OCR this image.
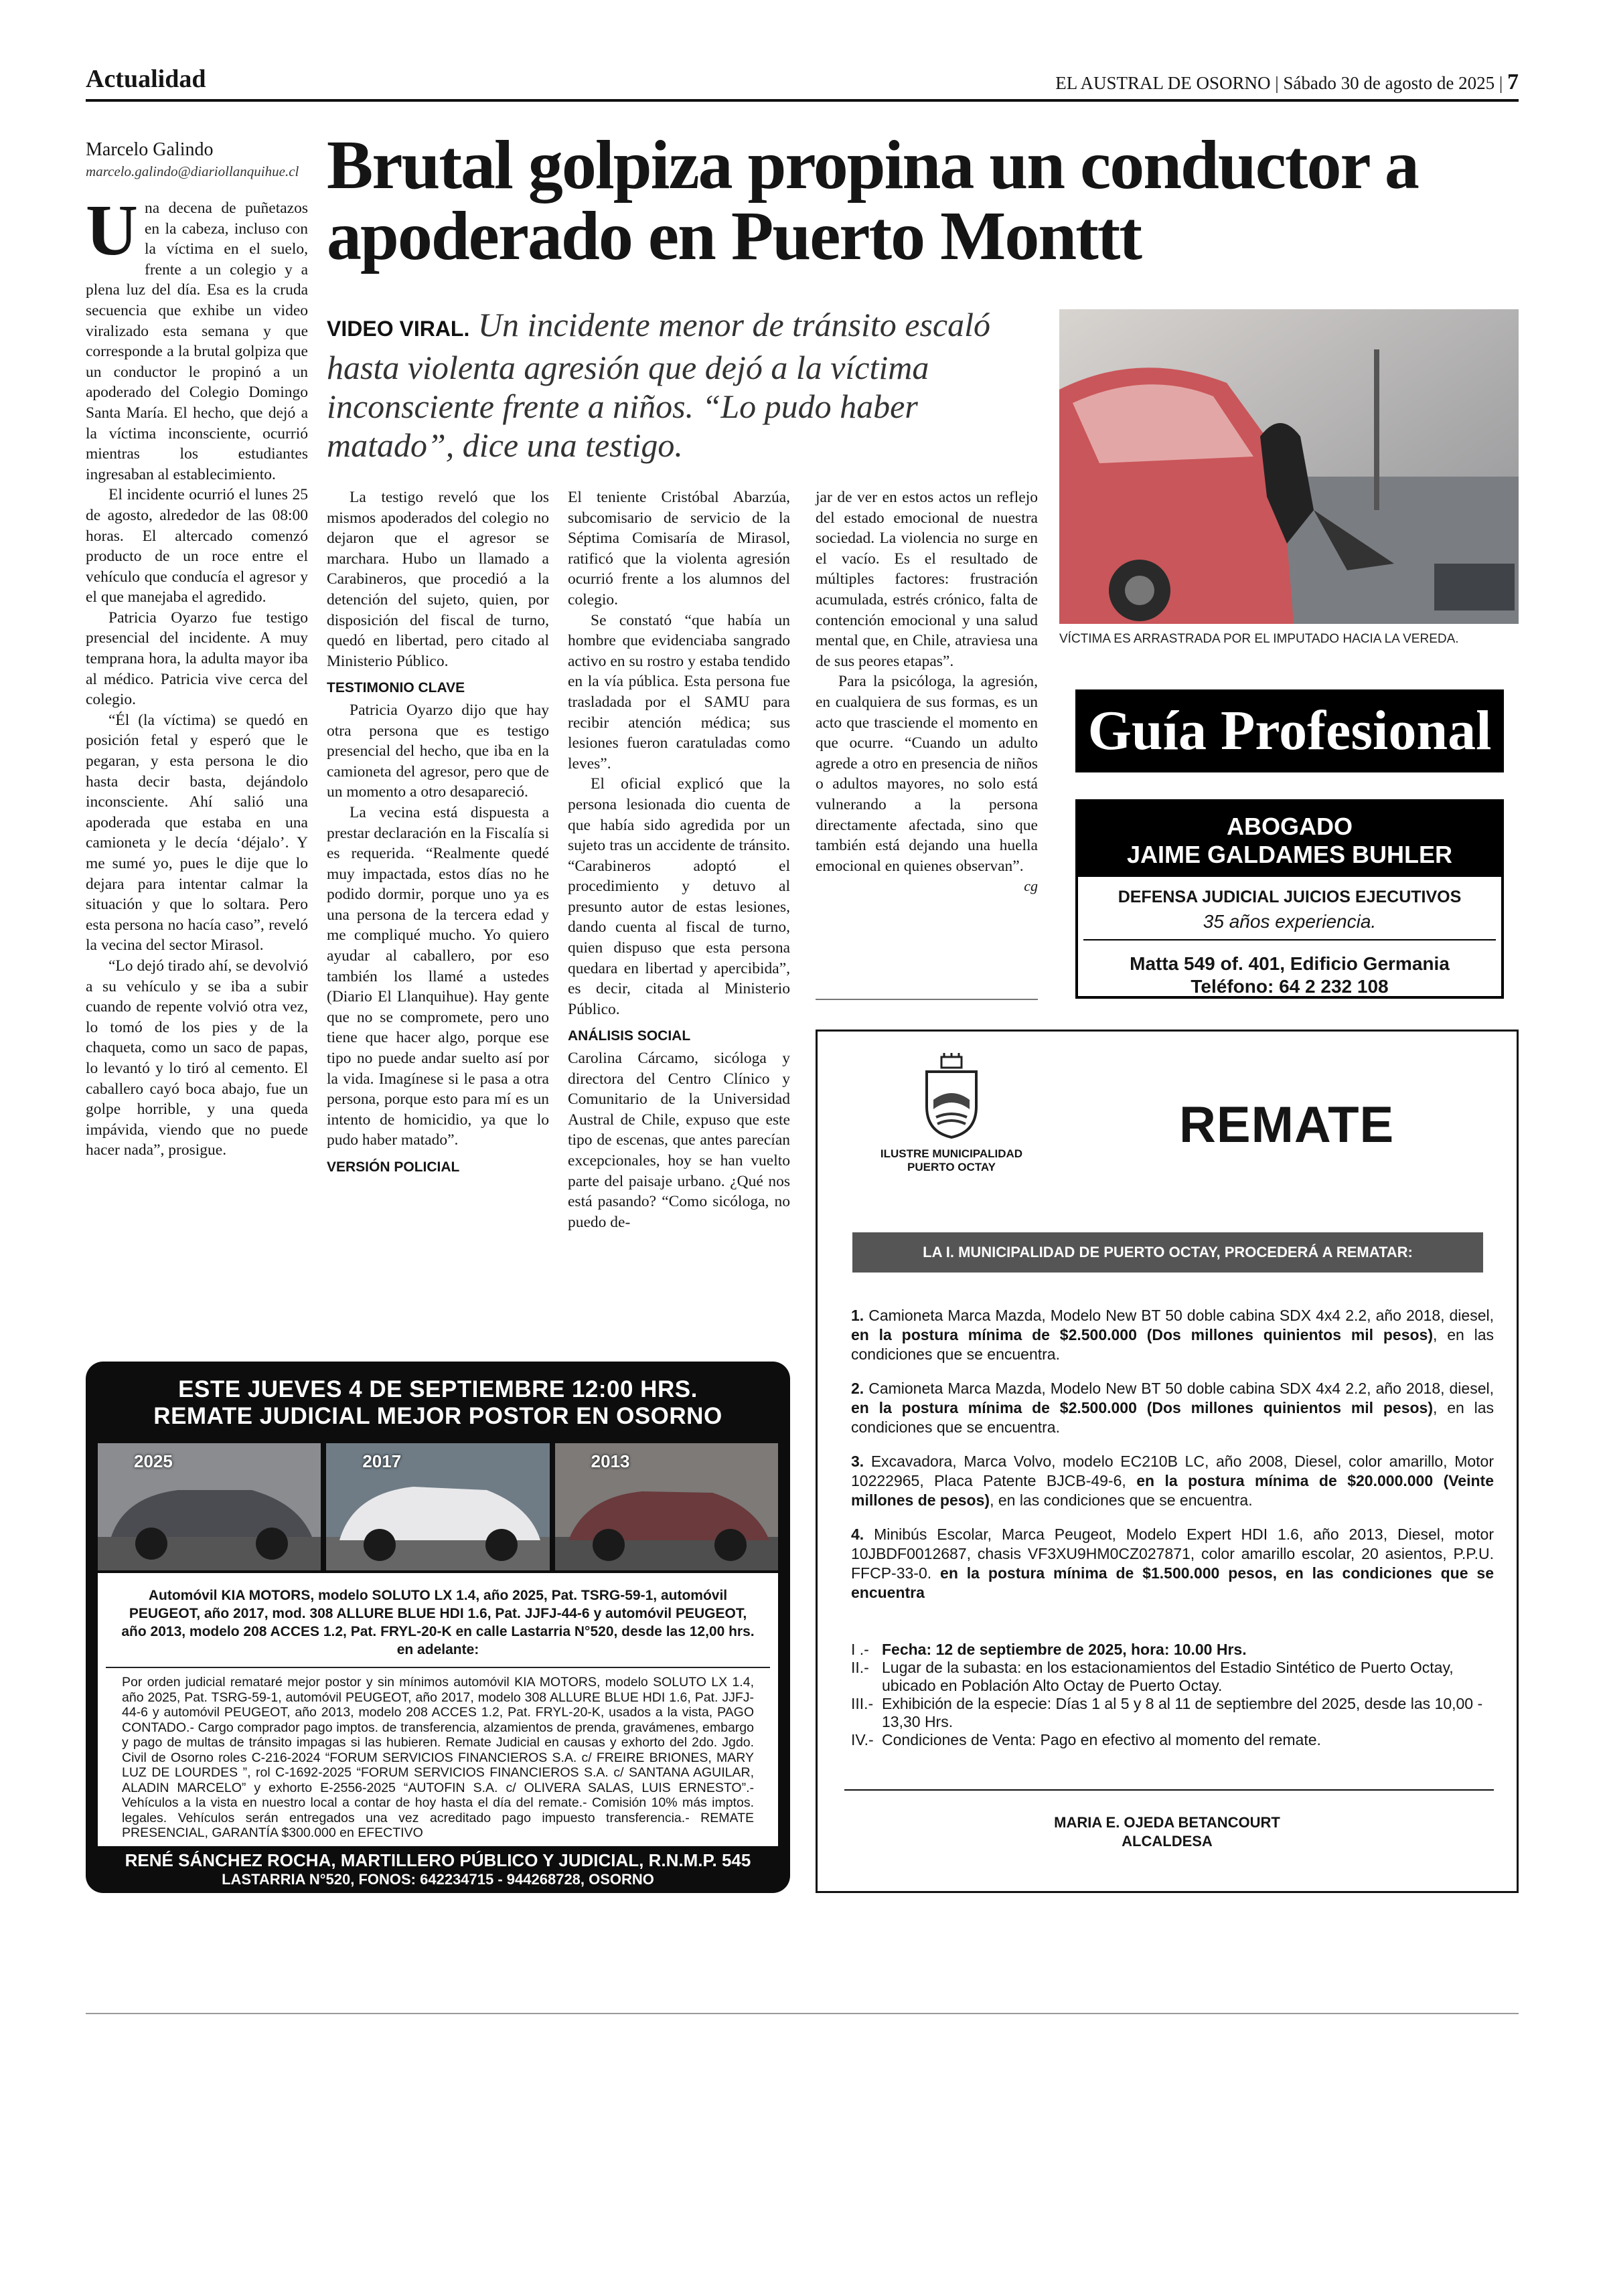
Actualidad	EL AUSTRAL DE OSORNO | Sábado 30 de agosto de 2025 | 7
Marcelo Galindo
marcelo.galindo@diariollanquihue.cl Brutal golpiza propina un conductor a apoderado en Puerto Monttt
VIDEO VIRAL. Un incidente menor de tránsito escaló hasta violenta agresión que dejó a la víctima inconsciente frente a niños. “Lo pudo haber matado”, dice una testigo.
VÍCTIMA ES ARRASTRADA POR EL IMPUTADO HACIA LA VEREDA.
U na decena de puñetazos en la cabeza, incluso con la víctima en el suelo, frente a un colegio y a plena luz del día. Esa es la cruda secuencia que exhibe un video viralizado esta semana y que corresponde a la brutal golpiza que un conductor le propinó a un apoderado del Colegio Domingo Santa María. El hecho, que dejó a la víctima inconsciente, ocurrió mientras los estudiantes ingresaban al establecimiento.

El incidente ocurrió el lunes 25 de agosto, alrededor de las 08:00 horas. El altercado comenzó producto de un roce entre el vehículo que conducía el agresor y el que manejaba el agredido.

Patricia Oyarzo fue testigo presencial del incidente. A muy temprana hora, la adulta mayor iba al médico. Patricia vive cerca del colegio.

“Él (la víctima) se quedó en posición fetal y esperó que le pegaran, y esta persona le dio hasta decir basta, dejándolo inconsciente. Ahí salió una apoderada que estaba en una camioneta y le decía ‘déjalo’. Y me sumé yo, pues le dije que lo dejara para intentar calmar la situación y que lo soltara. Pero esta persona no hacía caso”, reveló la vecina del sector Mirasol.

“Lo dejó tirado ahí, se devolvió a su vehículo y se iba a subir cuando de repente volvió otra vez, lo tomó de los pies y de la chaqueta, como un saco de papas, lo levantó y lo tiró al cemento. El caballero cayó boca abajo, fue un golpe horrible, y una queda impávida, viendo que no puede hacer nada”, prosigue.

La testigo reveló que los mismos apoderados del colegio no dejaron que el agresor se marchara. Hubo un llamado a Carabineros, que procedió a la detención del sujeto, quien, por disposición del fiscal de turno, quedó en libertad, pero citado al Ministerio Público.

TESTIMONIO CLAVE

Patricia Oyarzo dijo que hay otra persona que es testigo presencial del hecho, que iba en la camioneta del agresor, pero que de un momento a otro desapareció.

La vecina está dispuesta a prestar declaración en la Fiscalía si es requerida. “Realmente quedé muy impactada, estos días no he podido dormir, porque uno ya es una persona de la tercera edad y me compliqué mucho. Yo quiero ayudar al caballero, por eso también los llamé a ustedes (Diario El Llanquihue). Hay gente que no se compromete, pero uno tiene que hacer algo, porque ese tipo no puede andar suelto así por la vida. Imagínese si le pasa a otra persona, porque esto para mí es un intento de homicidio, ya que lo pudo haber matado”.

VERSIÓN POLICIAL

El teniente Cristóbal Abarzúa, subcomisario de servicio de la Séptima Comisaría de Mirasol, ratificó que la violenta agresión ocurrió frente a los alumnos del colegio.

Se constató “que había un hombre que evidenciaba sangrado activo en su rostro y estaba tendido en la vía pública. Esta persona fue trasladada por el SAMU para recibir atención médica; sus lesiones fueron caratuladas como leves”.

El oficial explicó que la persona lesionada dio cuenta de que había sido agredida por un sujeto tras un accidente de tránsito. “Carabineros adoptó el procedimiento y detuvo al presunto autor de estas lesiones, dando cuenta al fiscal de turno, quien dispuso que esta persona quedara en libertad y apercibida”, es decir, citada al Ministerio Público.

ANÁLISIS SOCIAL

Carolina Cárcamo, sicóloga y directora del Centro Clínico y Comunitario de la Universidad Austral de Chile, expuso que este tipo de escenas, que antes parecían excepcionales, hoy se han vuelto parte del paisaje urbano. ¿Qué nos está pasando? “Como sicóloga, no puedo de-

jar de ver en estos actos un reflejo del estado emocional de nuestra sociedad. La violencia no surge en el vacío. Es el resultado de múltiples factores: frustración acumulada, estrés crónico, falta de contención emocional y una salud mental que, en Chile, atraviesa una de sus peores etapas”.

Para la psicóloga, la agresión, en cualquiera de sus formas, es un acto que trasciende el momento en que ocurre. “Cuando un adulto agrede a otro en presencia de niños o adultos mayores, no solo está vulnerando a la persona directamente afectada, sino que también está dejando una huella emocional en quienes observan”.

cg
Guía Profesional
ABOGADO
JAIME GALDAMES BUHLER
DEFENSA JUDICIAL JUICIOS EJECUTIVOS
35 años experiencia.
Matta 549 of. 401, Edificio Germania
Teléfono: 64 2 232 108
ILUSTRE MUNICIPALIDAD
PUERTO OCTAY
REMATE
LA I. MUNICIPALIDAD DE PUERTO OCTAY, PROCEDERÁ A REMATAR:
1. Camioneta Marca Mazda, Modelo New BT 50 doble cabina SDX 4x4 2.2, año 2018, diesel, en la postura mínima de $2.500.000 (Dos millones quinientos mil pesos), en las condiciones que se encuentra.
2. Camioneta Marca Mazda, Modelo New BT 50 doble cabina SDX 4x4 2.2, año 2018, diesel, en la postura mínima de $2.500.000 (Dos millones quinientos mil pesos), en las condiciones que se encuentra.
3. Excavadora, Marca Volvo, modelo EC210B LC, año 2008, Diesel, color amarillo, Motor 10222965, Placa Patente BJCB-49-6, en la postura mínima de $20.000.000 (Veinte millones de pesos), en las condiciones que se encuentra.
4. Minibús Escolar, Marca Peugeot, Modelo Expert HDI 1.6, año 2013, Diesel, motor 10JBDF0012687, chasis VF3XU9HM0CZ027871, color amarillo escolar, 20 asientos, P.P.U. FFCP-33-0. en la postura mínima de $1.500.000 pesos, en las condiciones que se encuentra
I .- Fecha: 12 de septiembre de 2025, hora: 10.00 Hrs.
II.- Lugar de la subasta: en los estacionamientos del Estadio Sintético de Puerto Octay, ubicado en Población Alto Octay de Puerto Octay.
III.- Exhibición de la especie: Días 1 al 5 y 8 al 11 de septiembre del 2025, desde las 10,00 - 13,30 Hrs.
IV.- Condiciones de Venta: Pago en efectivo al momento del remate.
MARIA E. OJEDA BETANCOURT
ALCALDESA
ESTE JUEVES 4 DE SEPTIEMBRE 12:00 HRS.
REMATE JUDICIAL MEJOR POSTOR EN OSORNO
2025	2017	2013
Automóvil KIA MOTORS, modelo SOLUTO LX 1.4, año 2025, Pat. TSRG-59-1, automóvil PEUGEOT, año 2017, mod. 308 ALLURE BLUE HDI 1.6, Pat. JJFJ-44-6 y automóvil PEUGEOT, año 2013, modelo 208 ACCES 1.2, Pat. FRYL-20-K en calle Lastarria N°520, desde las 12,00 hrs. en adelante:
Por orden judicial remataré mejor postor y sin mínimos automóvil KIA MOTORS, modelo SOLUTO LX 1.4, año 2025, Pat. TSRG-59-1, automóvil PEUGEOT, año 2017, modelo 308 ALLURE BLUE HDI 1.6, Pat. JJFJ-44-6 y automóvil PEUGEOT, año 2013, modelo 208 ACCES 1.2, Pat. FRYL-20-K, usados a la vista, PAGO CONTADO.- Cargo comprador pago imptos. de transferencia, alzamientos de prenda, gravámenes, embargo y pago de multas de tránsito impagas si las hubieren. Remate Judicial en causas y exhorto del 2do. Jgdo. Civil de Osorno roles C-216-2024 “FORUM SERVICIOS FINANCIEROS S.A. c/ FREIRE BRIONES, MARY LUZ DE LOURDES ”, rol C-1692-2025 “FORUM SERVICIOS FINANCIEROS S.A. c/ SANTANA AGUILAR, ALADIN MARCELO” y exhorto E-2556-2025 “AUTOFIN S.A. c/ OLIVERA SALAS, LUIS ERNESTO”.- Vehículos a la vista en nuestro local a contar de hoy hasta el día del remate.- Comisión 10% más imptos. legales. Vehículos serán entregados una vez acreditado pago impuesto transferencia.- REMATE PRESENCIAL, GARANTÍA $300.000 en EFECTIVO
RENÉ SÁNCHEZ ROCHA, MARTILLERO PÚBLICO Y JUDICIAL, R.N.M.P. 545
LASTARRIA N°520, FONOS: 642234715 - 944268728, OSORNO
